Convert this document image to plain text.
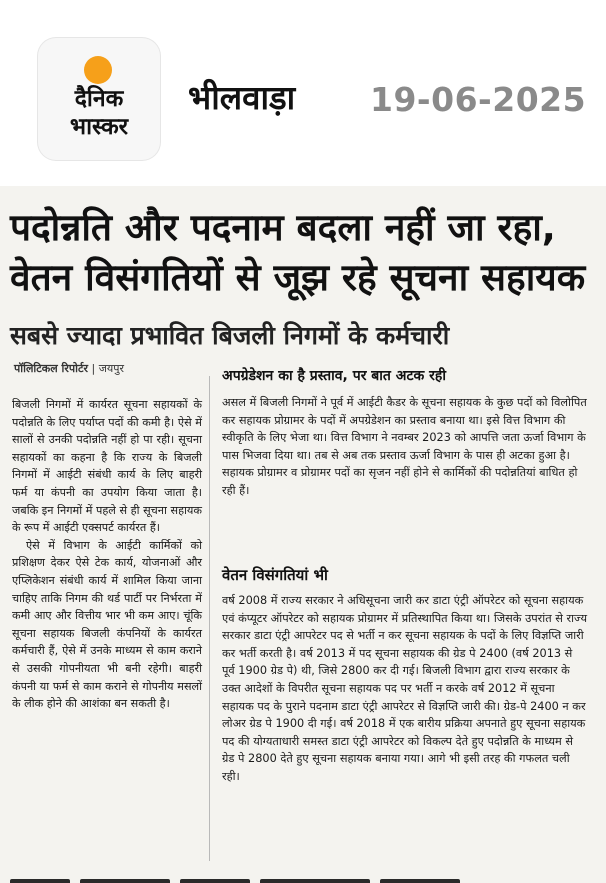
दैनिक
भास्कर
भीलवाड़ा 19-06-2025
पदोन्नति और पदनाम बदला नहीं जा रहा,
वेतन विसंगतियों से जूझ रहे सूचना सहायक
सबसे ज्यादा प्रभावित बिजली निगमों के कर्मचारी
पॉलिटिकल रिपोर्टर | जयपुर

बिजली निगमों में कार्यरत सूचना सहायकों के पदोन्नति के लिए पर्याप्त पदों की कमी है। ऐसे में सालों से उनकी पदोन्नति नहीं हो पा रही। सूचना सहायकों का कहना है कि राज्य के बिजली निगमों में आईटी संबंधी कार्य के लिए बाहरी फर्म या कंपनी का उपयोग किया जाता है। जबकि इन निगमों में पहले से ही सूचना सहायक के रूप में आईटी एक्सपर्ट कार्यरत हैं।

ऐसे में विभाग के आईटी कार्मिकों को प्रशिक्षण देकर ऐसे टेक कार्य, योजनाओं और एप्लिकेशन संबंधी कार्य में शामिल किया जाना चाहिए ताकि निगम की थर्ड पार्टी पर निर्भरता में कमी आए और वित्तीय भार भी कम आए। चूंकि सूचना सहायक बिजली कंपनियों के कार्यरत कर्मचारी हैं, ऐसे में उनके माध्यम से काम कराने से उसकी गोपनीयता भी बनी रहेगी। बाहरी कंपनी या फर्म से काम कराने से गोपनीय मसलों के लीक होने की आशंका बन सकती है।

अपग्रेडेशन का है प्रस्ताव, पर बात अटक रही

असल में बिजली निगमों ने पूर्व में आईटी कैडर के सूचना सहायक के कुछ पदों को विलोपित कर सहायक प्रोग्रामर के पदों में अपग्रेडेशन का प्रस्ताव बनाया था। इसे वित्त विभाग की स्वीकृति के लिए भेजा था। वित्त विभाग ने नवम्बर 2023 को आपत्ति जता ऊर्जा विभाग के पास भिजवा दिया था। तब से अब तक प्रस्ताव ऊर्जा विभाग के पास ही अटका हुआ है। सहायक प्रोग्रामर व प्रोग्रामर पदों का सृजन नहीं होने से कार्मिकों की पदोन्नतियां बाधित हो रही हैं।

वेतन विसंगतियां भी

वर्ष 2008 में राज्य सरकार ने अधिसूचना जारी कर डाटा एंट्री ऑपरेटर को सूचना सहायक एवं कंप्यूटर ऑपरेटर को सहायक प्रोग्रामर में प्रतिस्थापित किया था। जिसके उपरांत से राज्य सरकार डाटा एंट्री आपरेटर पद से भर्ती न कर सूचना सहायक के पदों के लिए विज्ञप्ति जारी कर भर्ती करती है। वर्ष 2013 में पद सूचना सहायक की ग्रेड पे 2400 (वर्ष 2013 से पूर्व 1900 ग्रेड पे) थी, जिसे 2800 कर दी गई। बिजली विभाग द्वारा राज्य सरकार के उक्त आदेशों के विपरीत सूचना सहायक पद पर भर्ती न करके वर्ष 2012 में सूचना सहायक पद के पुराने पदनाम डाटा एंट्री आपरेटर से विज्ञप्ति जारी की। ग्रेड-पे 2400 न कर लोअर ग्रेड पे 1900 दी गई। वर्ष 2018 में एक बारीय प्रक्रिया अपनाते हुए सूचना सहायक पद की योग्यताधारी समस्त डाटा एंट्री आपरेटर को विकल्प देते हुए पदोन्नति के माध्यम से ग्रेड पे 2800 देते हुए सूचना सहायक बनाया गया। आगे भी इसी तरह की गफलत चली रही।
